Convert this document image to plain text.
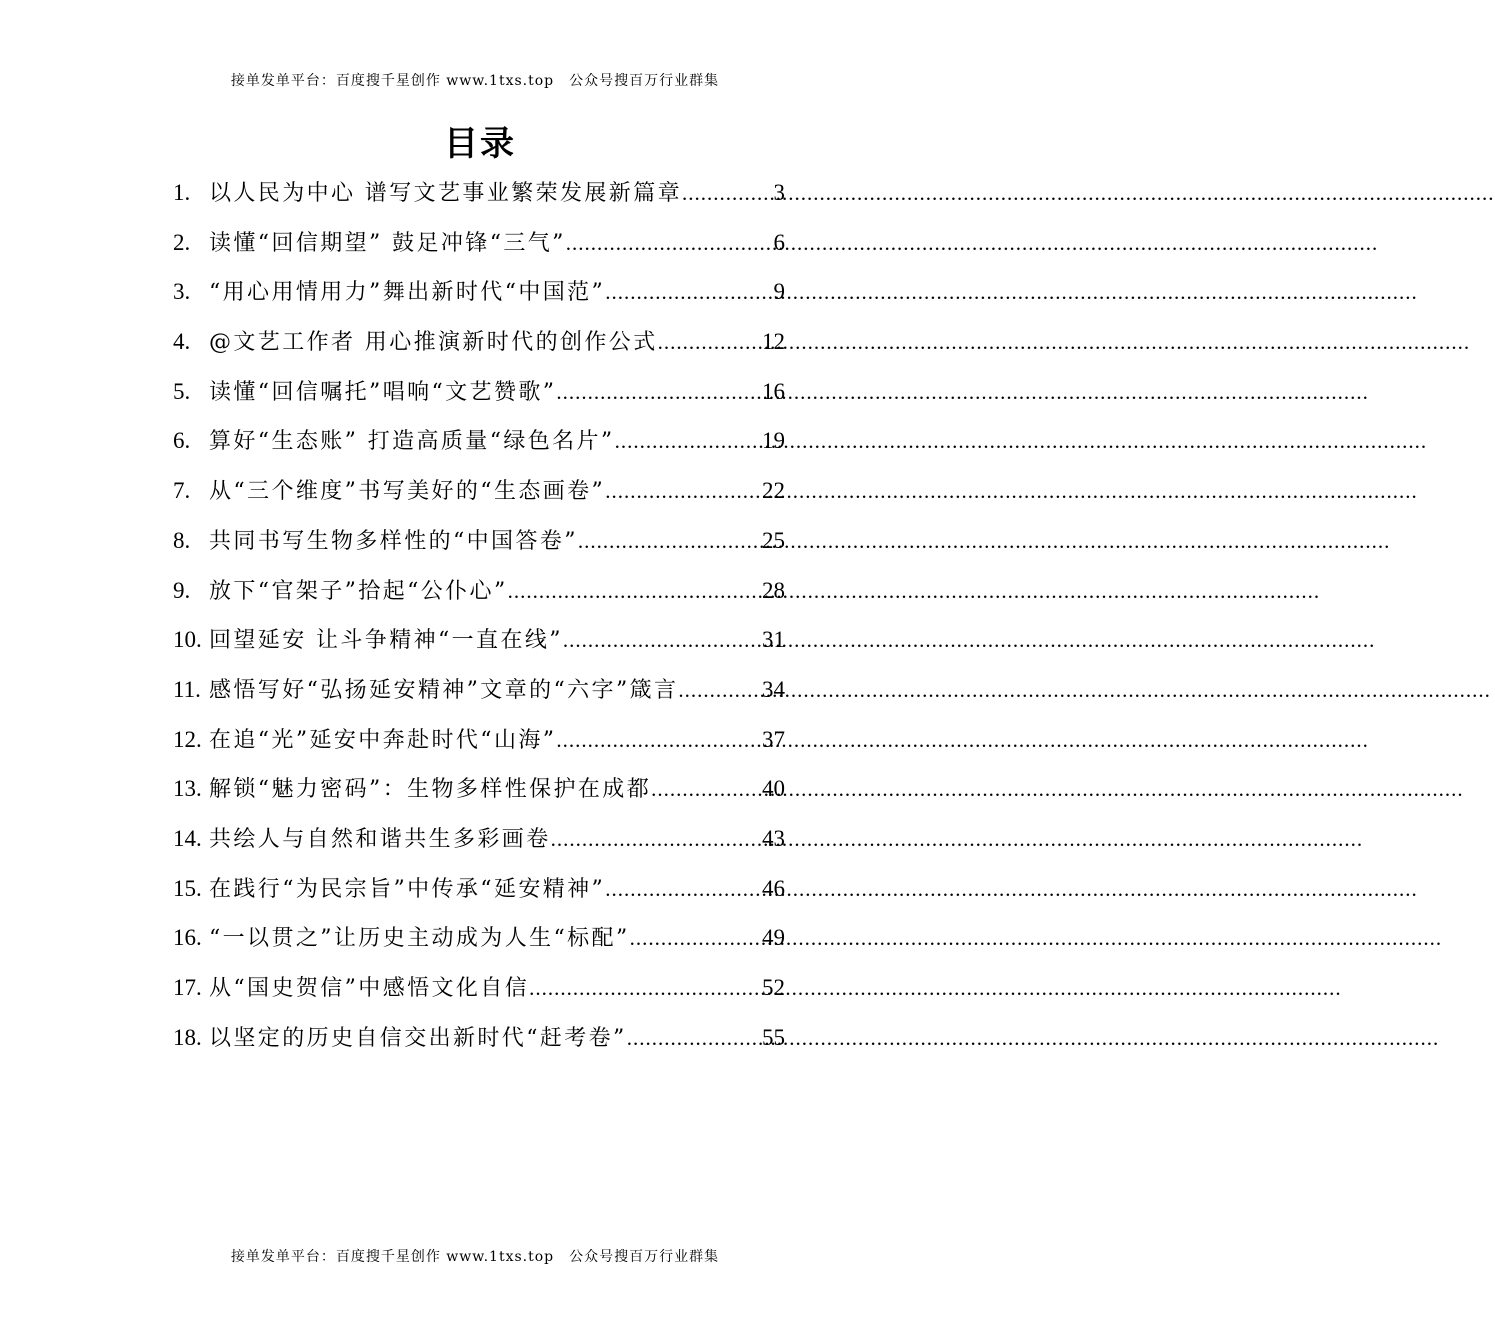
接单发单平台：百度搜千星创作 www.1txs.top　公众号搜百万行业群集
目录
1. 以人民为中心 谱写文艺事业繁荣发展新篇章 .....	3
2. 读懂“回信期望” 鼓足冲锋“三气” .....	6
3. “用心用情用力”舞出新时代“中国范” .....	9
4. @文艺工作者 用心推演新时代的创作公式 .....	12
5. 读懂“回信嘱托”唱响“文艺赞歌” .....	16
6. 算好“生态账” 打造高质量“绿色名片” .....	19
7. 从“三个维度”书写美好的“生态画卷” .....	22
8. 共同书写生物多样性的“中国答卷” .....	25
9. 放下“官架子”拾起“公仆心” .....	28
10. 回望延安 让斗争精神“一直在线” .....	31
11. 感悟写好“弘扬延安精神”文章的“六字”箴言 .....	34
12. 在追“光”延安中奔赴时代“山海” .....	37
13. 解锁“魅力密码”：生物多样性保护在成都 .....	40
14. 共绘人与自然和谐共生多彩画卷 .....	43
15. 在践行“为民宗旨”中传承“延安精神” .....	46
16. “一以贯之”让历史主动成为人生“标配” .....	49
17. 从“国史贺信”中感悟文化自信 .....	52
18. 以坚定的历史自信交出新时代“赶考卷” .....	55
接单发单平台：百度搜千星创作 www.1txs.top　公众号搜百万行业群集
